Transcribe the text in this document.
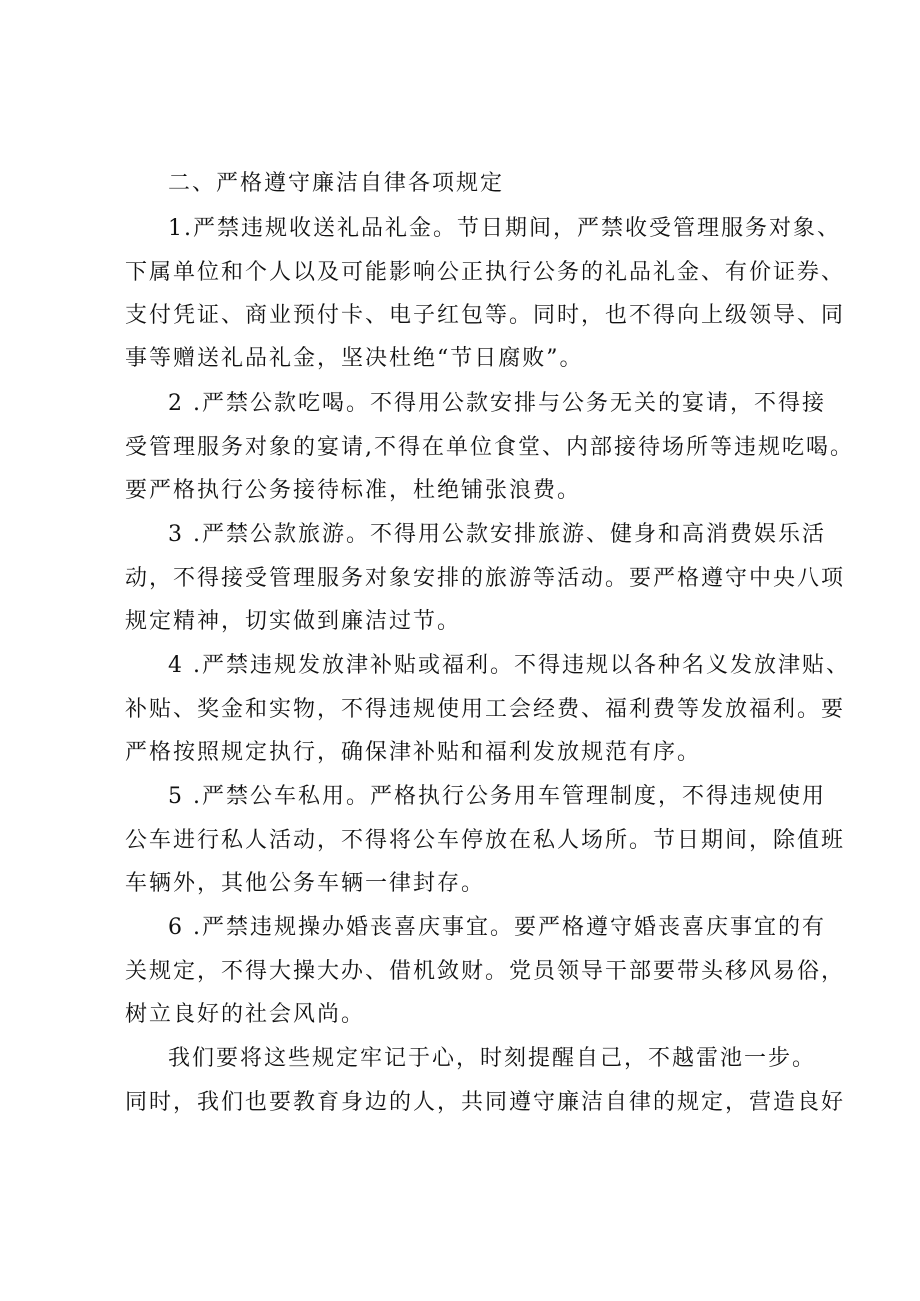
二、严格遵守廉洁自律各项规定
1.严禁违规收送礼品礼金。节日期间，严禁收受管理服务对象、
下属单位和个人以及可能影响公正执行公务的礼品礼金、有价证券、
支付凭证、商业预付卡、电子红包等。同时，也不得向上级领导、同
事等赠送礼品礼金，坚决杜绝“节日腐败”。
2 .严禁公款吃喝。不得用公款安排与公务无关的宴请，不得接
受管理服务对象的宴请,不得在单位食堂、内部接待场所等违规吃喝。
要严格执行公务接待标准，杜绝铺张浪费。
3 .严禁公款旅游。不得用公款安排旅游、健身和高消费娱乐活
动，不得接受管理服务对象安排的旅游等活动。要严格遵守中央八项
规定精神，切实做到廉洁过节。
4 .严禁违规发放津补贴或福利。不得违规以各种名义发放津贴、
补贴、奖金和实物，不得违规使用工会经费、福利费等发放福利。要
严格按照规定执行，确保津补贴和福利发放规范有序。
5 .严禁公车私用。严格执行公务用车管理制度，不得违规使用
公车进行私人活动，不得将公车停放在私人场所。节日期间，除值班
车辆外，其他公务车辆一律封存。
6 .严禁违规操办婚丧喜庆事宜。要严格遵守婚丧喜庆事宜的有
关规定，不得大操大办、借机敛财。党员领导干部要带头移风易俗，
树立良好的社会风尚。
我们要将这些规定牢记于心，时刻提醒自己，不越雷池一步。
同时，我们也要教育身边的人，共同遵守廉洁自律的规定，营造良好
